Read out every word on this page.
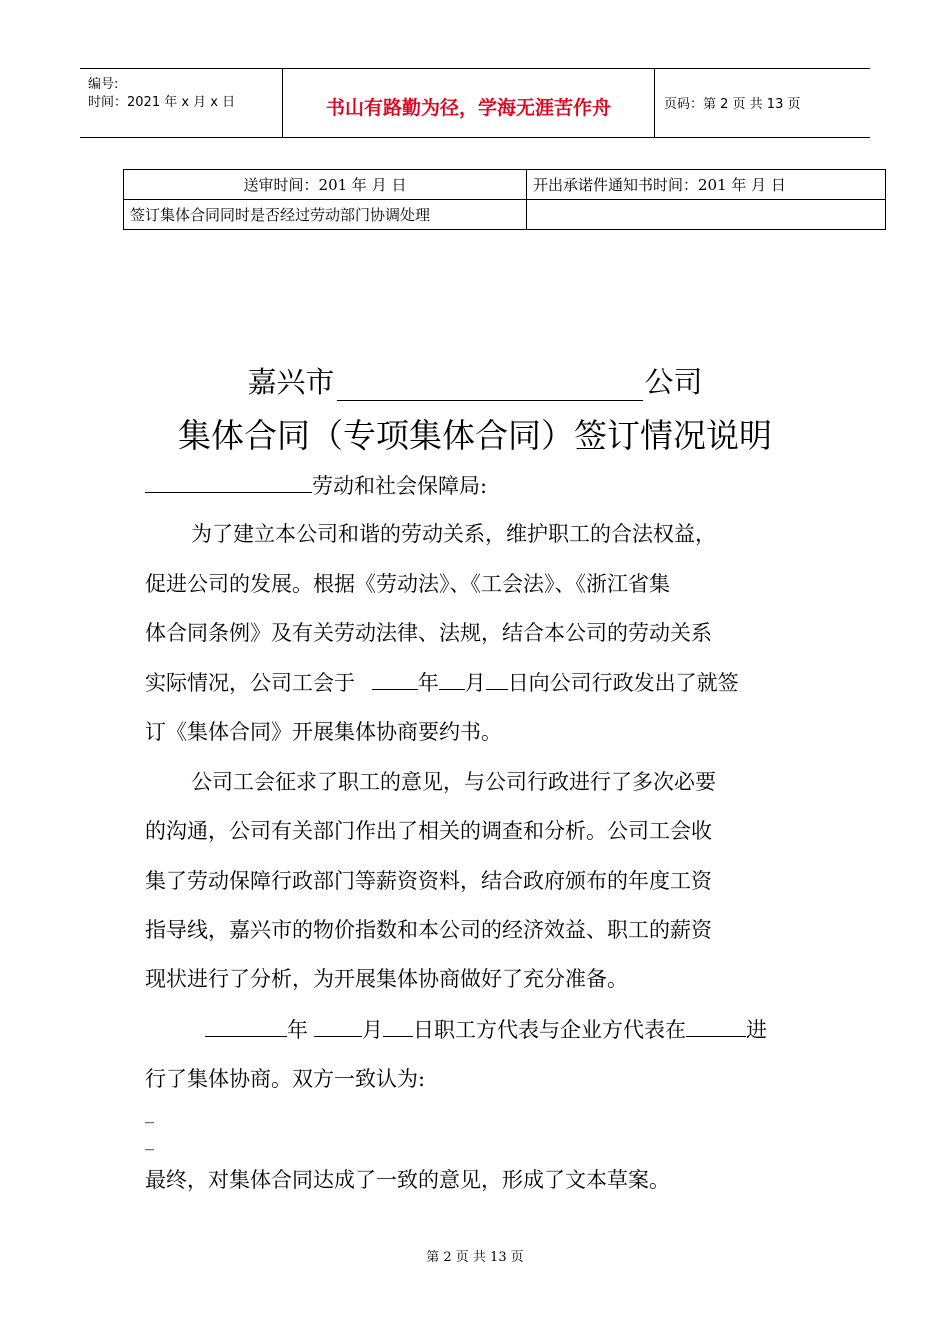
编号:
时间：2021 年 x 月 x 日	书山有路勤为径，学海无涯苦作舟	页码：第 2 页 共 13 页
送审时间：201 年 月 日	开出承诺件通知书时间：201 年 月 日
签订集体合同同时是否经过劳动部门协调处理	
嘉兴市	公司
集体合同（专项集体合同）签订情况说明
劳动和社会保障局:
为了建立本公司和谐的劳动关系，维护职工的合法权益，
促进公司的发展。根据《劳动法》、《工会法》、《浙江省集
体合同条例》及有关劳动法律、法规，结合本公司的劳动关系
实际情况，公司工会于	年 月 日向公司行政发出了就签
订《集体合同》开展集体协商要约书。
公司工会征求了职工的意见，与公司行政进行了多次必要
的沟通，公司有关部门作出了相关的调查和分析。公司工会收
集了劳动保障行政部门等薪资资料，结合政府颁布的年度工资
指导线，嘉兴市的物价指数和本公司的经济效益、职工的薪资
现状进行了分析，为开展集体协商做好了充分准备。
年	月 日职工方代表与企业方代表在	进
行了集体协商。双方一致认为:
_
_
最终，对集体合同达成了一致的意见，形成了文本草案。
第 2 页 共 13 页
